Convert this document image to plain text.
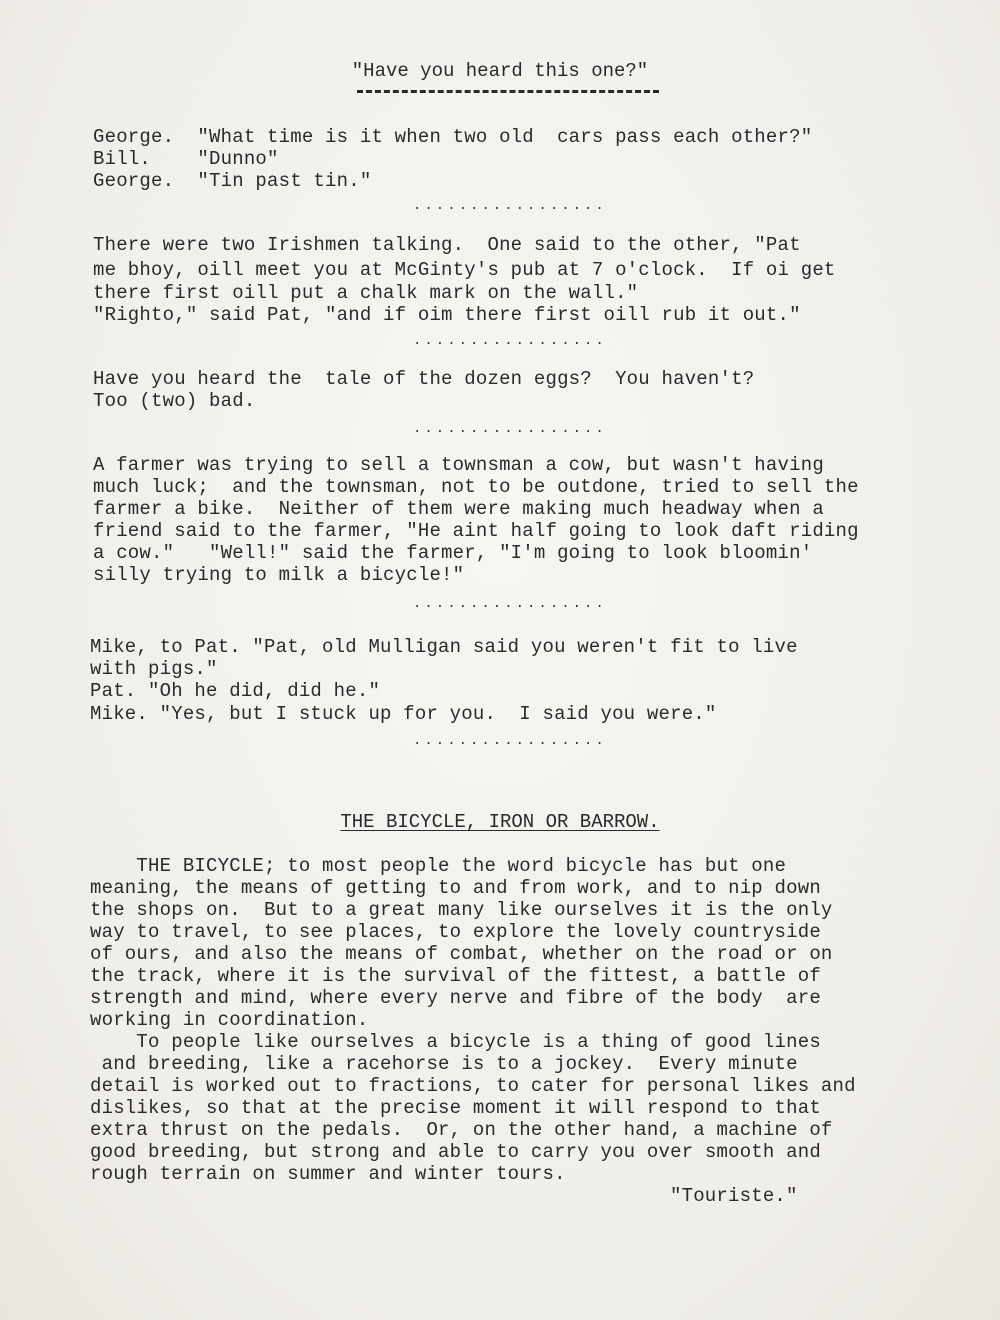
"Have you heard this one?"
George.  "What time is it when two old  cars pass each other?"
Bill.    "Dunno"
George.  "Tin past tin."
.................
There were two Irishmen talking.  One said to the other, "Pat
me bhoy, oill meet you at McGinty's pub at 7 o'clock.  If oi get
there first oill put a chalk mark on the wall."
"Righto," said Pat, "and if oim there first oill rub it out."
.................
Have you heard the  tale of the dozen eggs?  You haven't?
Too (two) bad.
.................
A farmer was trying to sell a townsman a cow, but wasn't having
much luck;  and the townsman, not to be outdone, tried to sell the
farmer a bike.  Neither of them were making much headway when a
friend said to the farmer, "He aint half going to look daft riding
a cow."   "Well!" said the farmer, "I'm going to look bloomin'
silly trying to milk a bicycle!"
.................
Mike, to Pat. "Pat, old Mulligan said you weren't fit to live
with pigs."
Pat. "Oh he did, did he."
Mike. "Yes, but I stuck up for you.  I said you were."
.................
THE BICYCLE, IRON OR BARROW.
THE BICYCLE; to most people the word bicycle has but one
meaning, the means of getting to and from work, and to nip down
the shops on.  But to a great many like ourselves it is the only
way to travel, to see places, to explore the lovely countryside
of ours, and also the means of combat, whether on the road or on
the track, where it is the survival of the fittest, a battle of
strength and mind, where every nerve and fibre of the body  are
working in coordination.
To people like ourselves a bicycle is a thing of good lines
and breeding, like a racehorse is to a jockey.  Every minute
detail is worked out to fractions, to cater for personal likes and
dislikes, so that at the precise moment it will respond to that
extra thrust on the pedals.  Or, on the other hand, a machine of
good breeding, but strong and able to carry you over smooth and
rough terrain on summer and winter tours.
"Touriste."
